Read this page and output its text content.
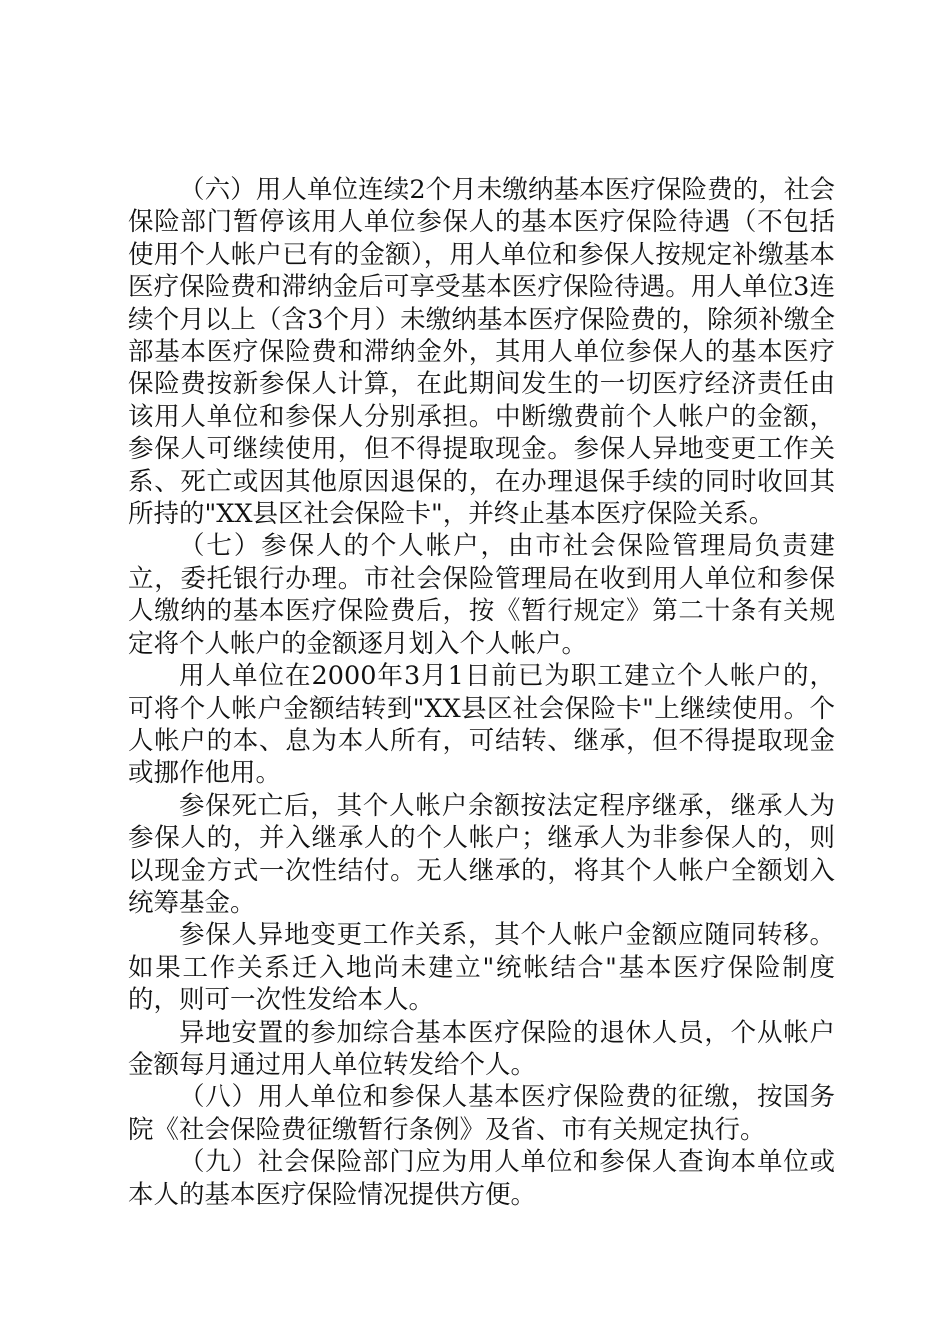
（六）用人单位连续2个月未缴纳基本医疗保险费的，社会保险部门暂停该用人单位参保人的基本医疗保险待遇（不包括使用个人帐户已有的金额），用人单位和参保人按规定补缴基本医疗保险费和滞纳金后可享受基本医疗保险待遇。用人单位3连续个月以上（含3个月）未缴纳基本医疗保险费的，除须补缴全部基本医疗保险费和滞纳金外，其用人单位参保人的基本医疗保险费按新参保人计算，在此期间发生的一切医疗经济责任由该用人单位和参保人分别承担。中断缴费前个人帐户的金额，参保人可继续使用，但不得提取现金。参保人异地变更工作关系、死亡或因其他原因退保的，在办理退保手续的同时收回其所持的"XX县区社会保险卡"，并终止基本医疗保险关系。

（七）参保人的个人帐户，由市社会保险管理局负责建立，委托银行办理。市社会保险管理局在收到用人单位和参保人缴纳的基本医疗保险费后，按《暂行规定》第二十条有关规定将个人帐户的金额逐月划入个人帐户。

用人单位在2000年3月1日前已为职工建立个人帐户的，可将个人帐户金额结转到"XX县区社会保险卡"上继续使用。个人帐户的本、息为本人所有，可结转、继承，但不得提取现金或挪作他用。

参保死亡后，其个人帐户余额按法定程序继承，继承人为参保人的，并入继承人的个人帐户；继承人为非参保人的，则以现金方式一次性结付。无人继承的，将其个人帐户全额划入统筹基金。

参保人异地变更工作关系，其个人帐户金额应随同转移。如果工作关系迁入地尚未建立"统帐结合"基本医疗保险制度的，则可一次性发给本人。

异地安置的参加综合基本医疗保险的退休人员，个从帐户金额每月通过用人单位转发给个人。

（八）用人单位和参保人基本医疗保险费的征缴，按国务院《社会保险费征缴暂行条例》及省、市有关规定执行。

（九）社会保险部门应为用人单位和参保人查询本单位或本人的基本医疗保险情况提供方便。
